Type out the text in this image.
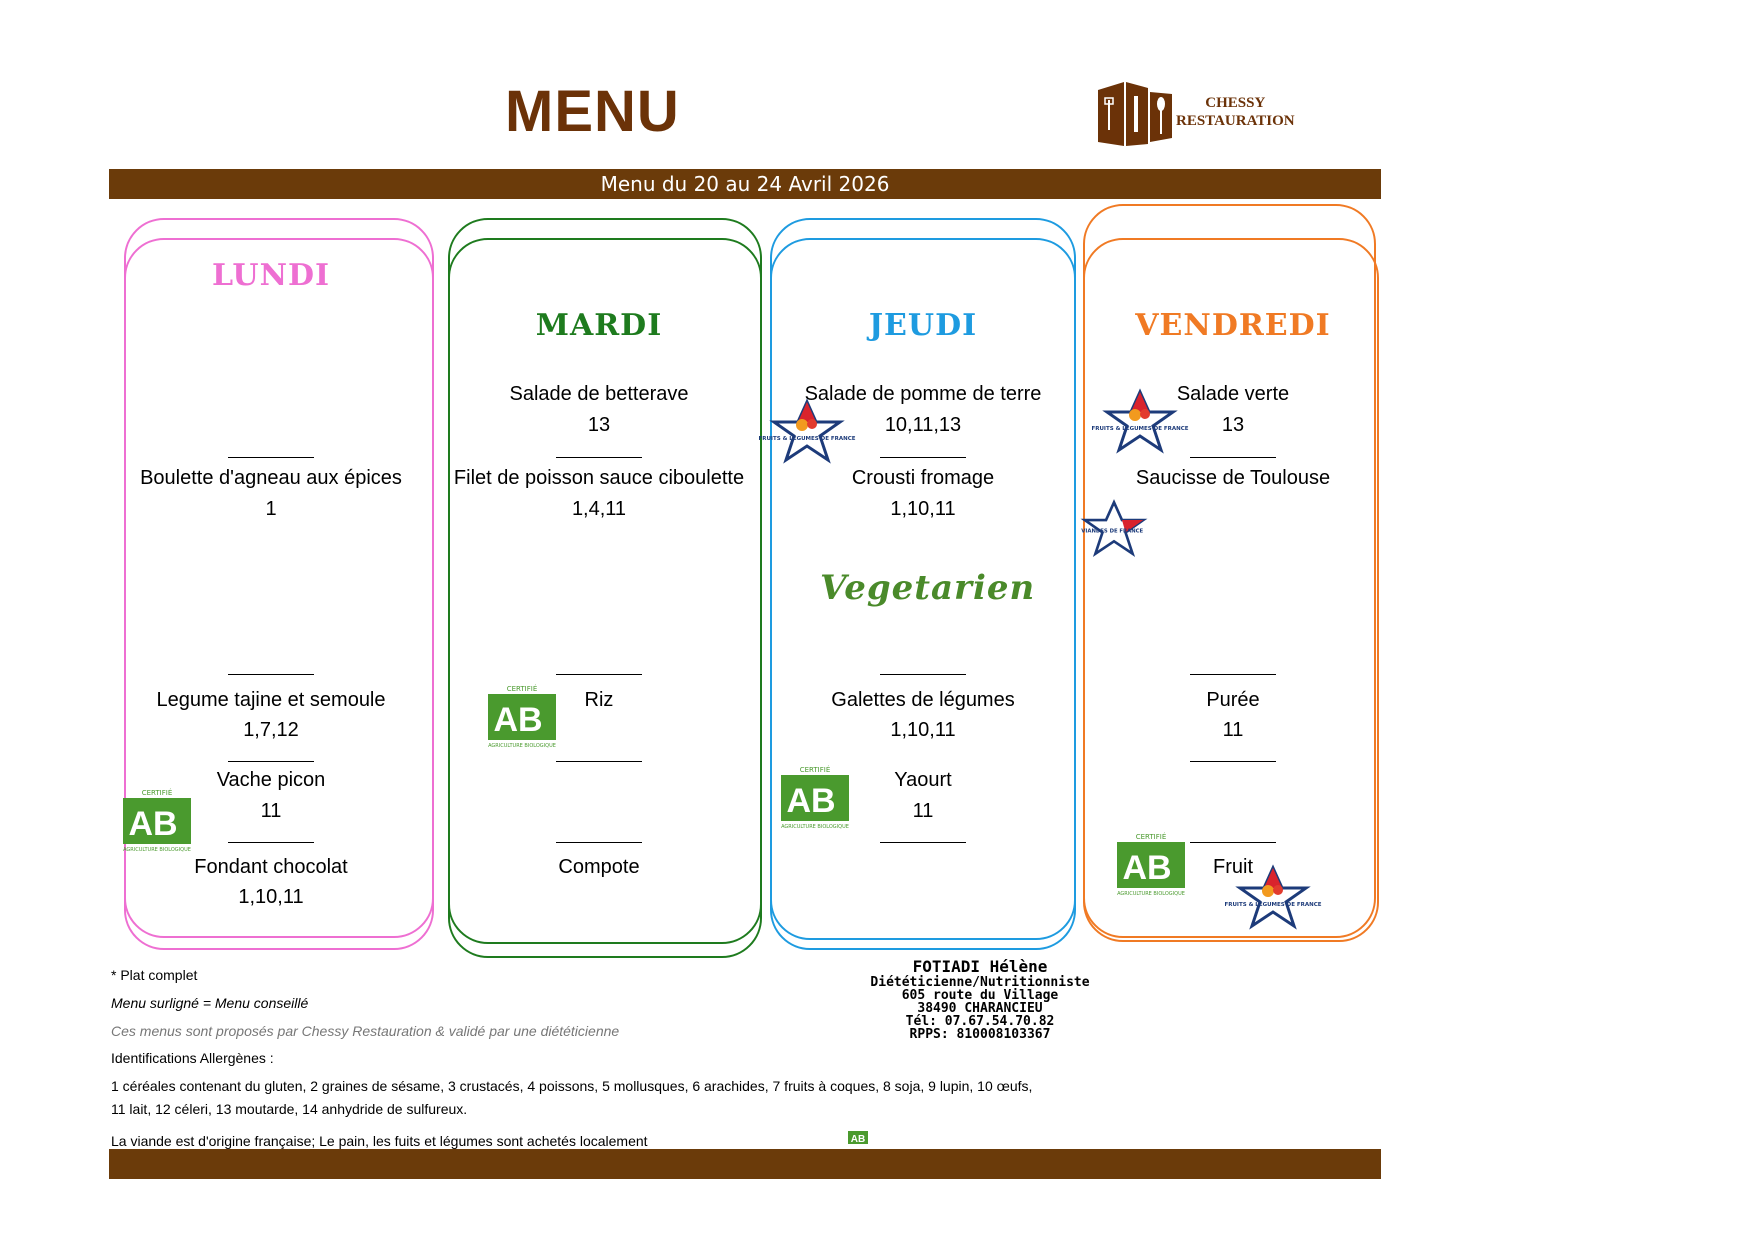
MENU	CHESSY
RESTAURATION
Menu du 20 au 24 Avril 2026
LUNDI
MARDI	JEUDI	VENDREDI
Boulette d'agneau aux épices
1
Legume tajine et semoule
1,7,12
Vache picon
11
Fondant chocolat
1,10,11
Salade de betterave
13
Filet de poisson sauce ciboulette
1,4,11
Riz
Compote
Salade de pomme de terre
10,11,13
Crousti fromage
1,10,11
Galettes de légumes
1,10,11
Yaourt
11
Vegetarien
Salade verte
13
Saucisse de Toulouse
Purée
11
Fruit
CERTIFIÉ
AB
AGRICULTURE BIOLOGIQUE
CERTIFIÉ
AB
AGRICULTURE BIOLOGIQUE
CERTIFIÉ
AB
AGRICULTURE BIOLOGIQUE
CERTIFIÉ
AB
AGRICULTURE BIOLOGIQUE
AB
FRUITS & LÉGUMES DE FRANCE
FRUITS & LÉGUMES DE FRANCE
FRUITS & LÉGUMES DE FRANCE
VIANDES DE FRANCE
* Plat complet
Menu surligné = Menu conseillé
Ces menus sont proposés par Chessy Restauration & validé par une diététicienne
Identifications Allergènes :
1 céréales contenant du gluten, 2 graines de sésame, 3 crustacés, 4 poissons, 5 mollusques, 6 arachides, 7 fruits à coques, 8 soja, 9 lupin, 10 œufs,
11 lait, 12 céleri, 13 moutarde, 14 anhydride de sulfureux.
La viande est d'origine française; Le pain, les fuits et légumes sont achetés localement
FOTIADI Hélène
Diététicienne/Nutritionniste
605 route du Village
38490 CHARANCIEU
Tél: 07.67.54.70.82
RPPS: 810008103367
